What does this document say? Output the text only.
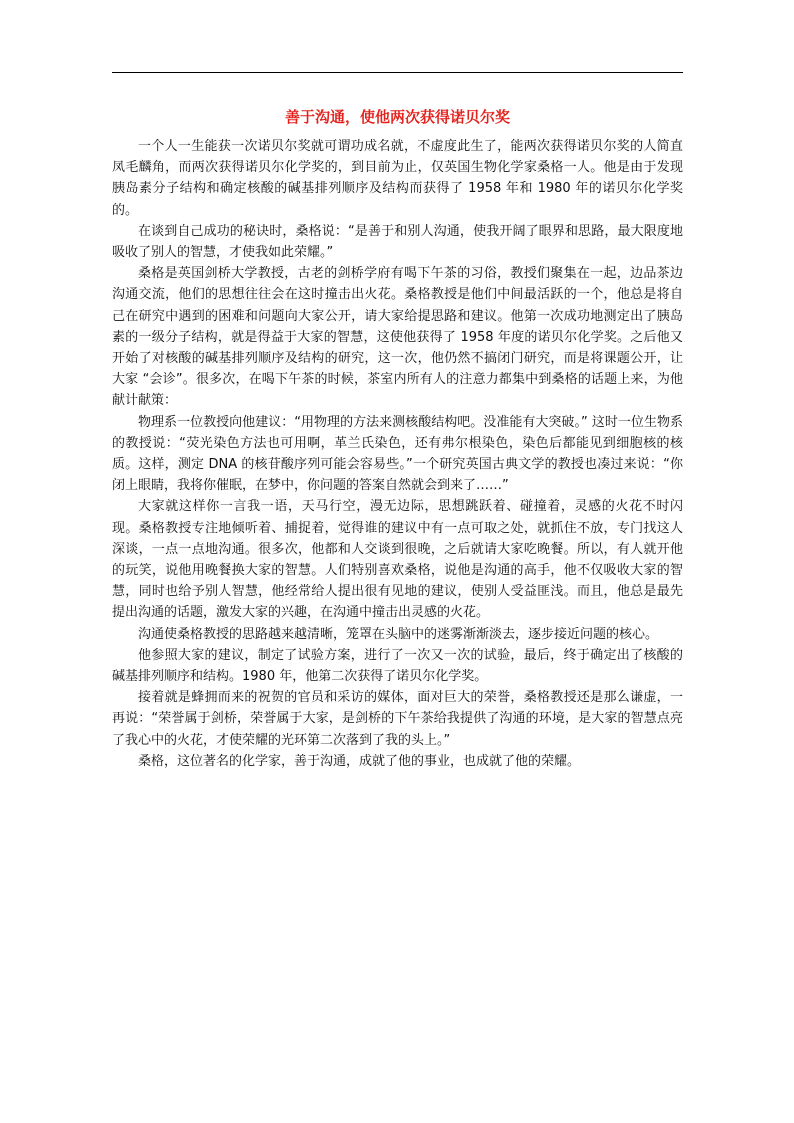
善于沟通，使他两次获得诺贝尔奖

一个人一生能获一次诺贝尔奖就可谓功成名就，不虚度此生了，能两次获得诺贝尔奖的人简直凤毛麟角，而两次获得诺贝尔化学奖的，到目前为止，仅英国生物化学家桑格一人。他是由于发现胰岛素分子结构和确定核酸的碱基排列顺序及结构而获得了 1958 年和 1980 年的诺贝尔化学奖的。

在谈到自己成功的秘诀时，桑格说：“是善于和别人沟通，使我开阔了眼界和思路，最大限度地吸收了别人的智慧，才使我如此荣耀。”

桑格是英国剑桥大学教授，古老的剑桥学府有喝下午茶的习俗，教授们聚集在一起，边品茶边沟通交流，他们的思想往往会在这时撞击出火花。桑格教授是他们中间最活跃的一个，他总是将自己在研究中遇到的困难和问题向大家公开，请大家给提思路和建议。他第一次成功地测定出了胰岛素的一级分子结构，就是得益于大家的智慧，这使他获得了 1958 年度的诺贝尔化学奖。之后他又开始了对核酸的碱基排列顺序及结构的研究，这一次，他仍然不搞闭门研究，而是将课题公开，让大家 “会诊”。很多次，在喝下午茶的时候，茶室内所有人的注意力都集中到桑格的话题上来，为他献计献策：

物理系一位教授向他建议：“用物理的方法来测核酸结构吧。没准能有大突破。” 这时一位生物系的教授说：“荧光染色方法也可用啊，革兰氏染色，还有弗尔根染色，染色后都能见到细胞核的核质。这样，测定 DNA 的核苷酸序列可能会容易些。”一个研究英国古典文学的教授也凑过来说：“你闭上眼睛，我将你催眠，在梦中，你问题的答案自然就会到来了……”

大家就这样你一言我一语，天马行空，漫无边际，思想跳跃着、碰撞着，灵感的火花不时闪现。桑格教授专注地倾听着、捕捉着，觉得谁的建议中有一点可取之处，就抓住不放，专门找这人深谈，一点一点地沟通。很多次，他都和人交谈到很晚，之后就请大家吃晚餐。所以，有人就开他的玩笑，说他用晚餐换大家的智慧。人们特别喜欢桑格，说他是沟通的高手，他不仅吸收大家的智慧，同时也给予别人智慧，他经常给人提出很有见地的建议，使别人受益匪浅。而且，他总是最先提出沟通的话题，激发大家的兴趣，在沟通中撞击出灵感的火花。

沟通使桑格教授的思路越来越清晰，笼罩在头脑中的迷雾渐渐淡去，逐步接近问题的核心。

他参照大家的建议，制定了试验方案，进行了一次又一次的试验，最后，终于确定出了核酸的碱基排列顺序和结构。1980 年，他第二次获得了诺贝尔化学奖。

接着就是蜂拥而来的祝贺的官员和采访的媒体，面对巨大的荣誉，桑格教授还是那么谦虚，一再说：“荣誉属于剑桥，荣誉属于大家，是剑桥的下午茶给我提供了沟通的环境，是大家的智慧点亮了我心中的火花，才使荣耀的光环第二次落到了我的头上。”

桑格，这位著名的化学家，善于沟通，成就了他的事业，也成就了他的荣耀。
